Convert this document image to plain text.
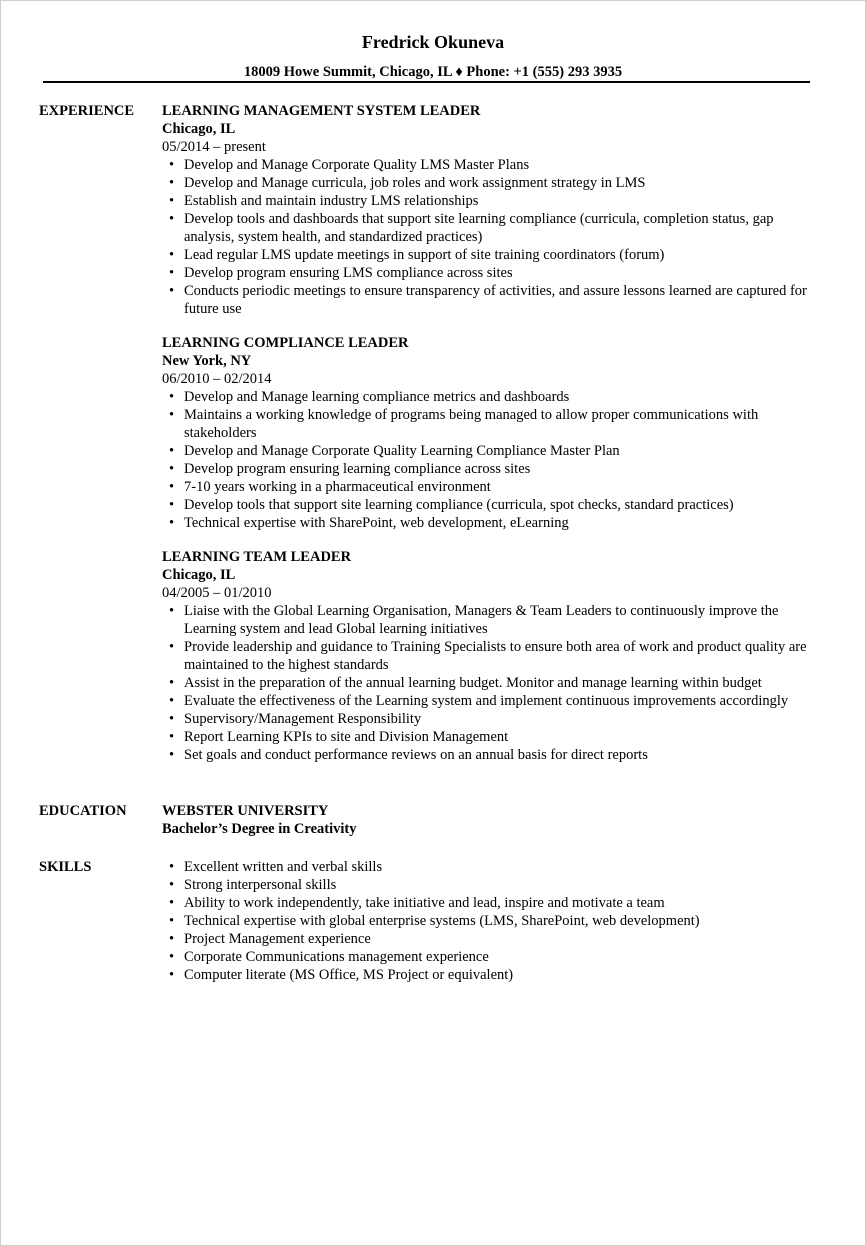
Fredrick Okuneva
18009 Howe Summit, Chicago, IL ♦ Phone: +1 (555) 293 3935
EXPERIENCE	LEARNING MANAGEMENT SYSTEM LEADER
Chicago, IL
05/2014 – present
• Develop and Manage Corporate Quality LMS Master Plans
• Develop and Manage curricula, job roles and work assignment strategy in LMS
• Establish and maintain industry LMS relationships
• Develop tools and dashboards that support site learning compliance (curricula, completion status, gap analysis, system health, and standardized practices)
• Lead regular LMS update meetings in support of site training coordinators (forum)
• Develop program ensuring LMS compliance across sites
• Conducts periodic meetings to ensure transparency of activities, and assure lessons learned are captured for future use
LEARNING COMPLIANCE LEADER
New York, NY
06/2010 – 02/2014
• Develop and Manage learning compliance metrics and dashboards
• Maintains a working knowledge of programs being managed to allow proper communications with stakeholders
• Develop and Manage Corporate Quality Learning Compliance Master Plan
• Develop program ensuring learning compliance across sites
• 7-10 years working in a pharmaceutical environment
• Develop tools that support site learning compliance (curricula, spot checks, standard practices)
• Technical expertise with SharePoint, web development, eLearning
LEARNING TEAM LEADER
Chicago, IL
04/2005 – 01/2010
• Liaise with the Global Learning Organisation, Managers & Team Leaders to continuously improve the Learning system and lead Global learning initiatives
• Provide leadership and guidance to Training Specialists to ensure both area of work and product quality are maintained to the highest standards
• Assist in the preparation of the annual learning budget. Monitor and manage learning within budget
• Evaluate the effectiveness of the Learning system and implement continuous improvements accordingly
• Supervisory/Management Responsibility
• Report Learning KPIs to site and Division Management
• Set goals and conduct performance reviews on an annual basis for direct reports
EDUCATION	WEBSTER UNIVERSITY
Bachelor’s Degree in Creativity
SKILLS
•	Excellent written and verbal skills
• Strong interpersonal skills
• Ability to work independently, take initiative and lead, inspire and motivate a team
• Technical expertise with global enterprise systems (LMS, SharePoint, web development)
• Project Management experience
• Corporate Communications management experience
• Computer literate (MS Office, MS Project or equivalent)
